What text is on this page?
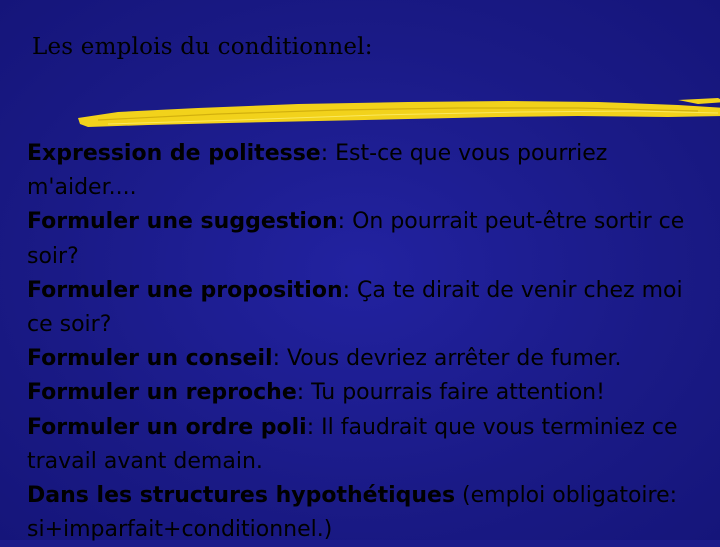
Les emplois du conditionnel:

Expression de politesse: Est-ce que vous pourriez m'aider....

Formuler une suggestion: On pourrait peut-être sortir ce soir?

Formuler une proposition: Ça te dirait de venir chez moi ce soir?

Formuler un conseil: Vous devriez arrêter de fumer.

Formuler un reproche: Tu pourrais faire attention!

Formuler un ordre poli: Il faudrait que vous terminiez ce travail avant demain.

Dans les structures hypothétiques (emploi obligatoire: si+imparfait+conditionnel.)
